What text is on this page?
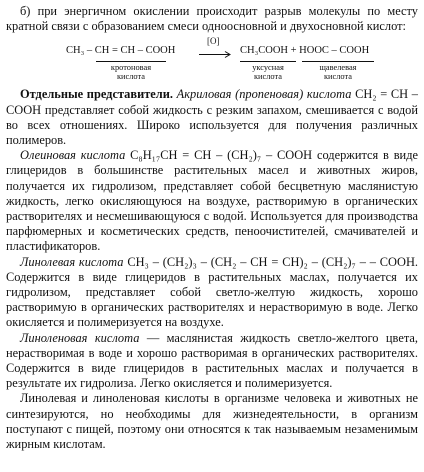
б) при энергичном окислении происходит разрыв молекулы по месту кратной связи с образованием смеси одноосновной и двухосновной кислот:

CH₃ – CH = CH – COOH
[O]
→ CH₃COOH + HOOC – COOH
кротоновая
кислота
уксусная
кислота
щавелевая
кислота

Отдельные представители. Акриловая (пропеновая) кислота CH₂ = CH – COOH представляет собой жидкость с резким запахом, смешивается с водой во всех отношениях. Широко используется для получения различных полимеров.

Олеиновая кислота C₈H₁₇CH = CH – (CH₂)₇ – COOH содержится в виде глицеридов в большинстве растительных масел и животных жиров, получается их гидролизом, представляет собой бесцветную маслянистую жидкость, легко окисляющуюся на воздухе, растворимую в органических растворителях и несмешивающуюся с водой. Используется для производства парфюмерных и косметических средств, пеноочистителей, смачивателей и пластификаторов.

Линолевая кислота CH₃ – (CH₂)₃ – (CH₂ – CH = CH)₂ – (CH₂)₇ – – COOH. Содержится в виде глицеридов в растительных маслах, получается их гидролизом, представляет собой светло-желтую жидкость, хорошо растворимую в органических растворителях и нерастворимую в воде. Легко окисляется и полимеризуется на воздухе.

Линоленовая кислота — маслянистая жидкость светло-желтого цвета, нерастворимая в воде и хорошо растворимая в органических растворителях. Содержится в виде глицеридов в растительных маслах и получается в результате их гидролиза. Легко окисляется и полимеризуется.

Линолевая и линоленовая кислоты в организме человека и животных не синтезируются, но необходимы для жизнедеятельности, в организм поступают с пищей, поэтому они относятся к так называемым незаменимым жирным кислотам.
